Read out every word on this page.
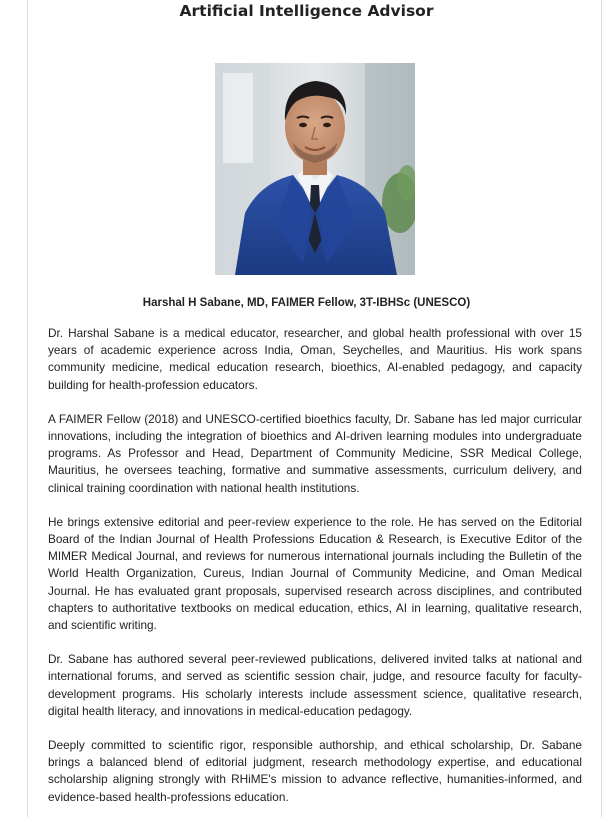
Artificial Intelligence Advisor

Harshal H Sabane, MD, FAIMER Fellow, 3T-IBHSc (UNESCO)

Dr. Harshal Sabane is a medical educator, researcher, and global health professional with over 15 years of academic experience across India, Oman, Seychelles, and Mauritius. His work spans community medicine, medical education research, bioethics, AI-enabled pedagogy, and capacity building for health-profession educators.

A FAIMER Fellow (2018) and UNESCO-certified bioethics faculty, Dr. Sabane has led major curricular innovations, including the integration of bioethics and AI-driven learning modules into undergraduate programs. As Professor and Head, Department of Community Medicine, SSR Medical College, Mauritius, he oversees teaching, formative and summative assessments, curriculum delivery, and clinical training coordination with national health institutions.

He brings extensive editorial and peer-review experience to the role. He has served on the Editorial Board of the Indian Journal of Health Professions Education & Research, is Executive Editor of the MIMER Medical Journal, and reviews for numerous international journals including the Bulletin of the World Health Organization, Cureus, Indian Journal of Community Medicine, and Oman Medical Journal. He has evaluated grant proposals, supervised research across disciplines, and contributed chapters to authoritative textbooks on medical education, ethics, AI in learning, qualitative research, and scientific writing.

Dr. Sabane has authored several peer-reviewed publications, delivered invited talks at national and international forums, and served as scientific session chair, judge, and resource faculty for faculty-development programs. His scholarly interests include assessment science, qualitative research, digital health literacy, and innovations in medical-education pedagogy.

Deeply committed to scientific rigor, responsible authorship, and ethical scholarship, Dr. Sabane brings a balanced blend of editorial judgment, research methodology expertise, and educational scholarship aligning strongly with RHiME's mission to advance reflective, humanities-informed, and evidence-based health-professions education.
